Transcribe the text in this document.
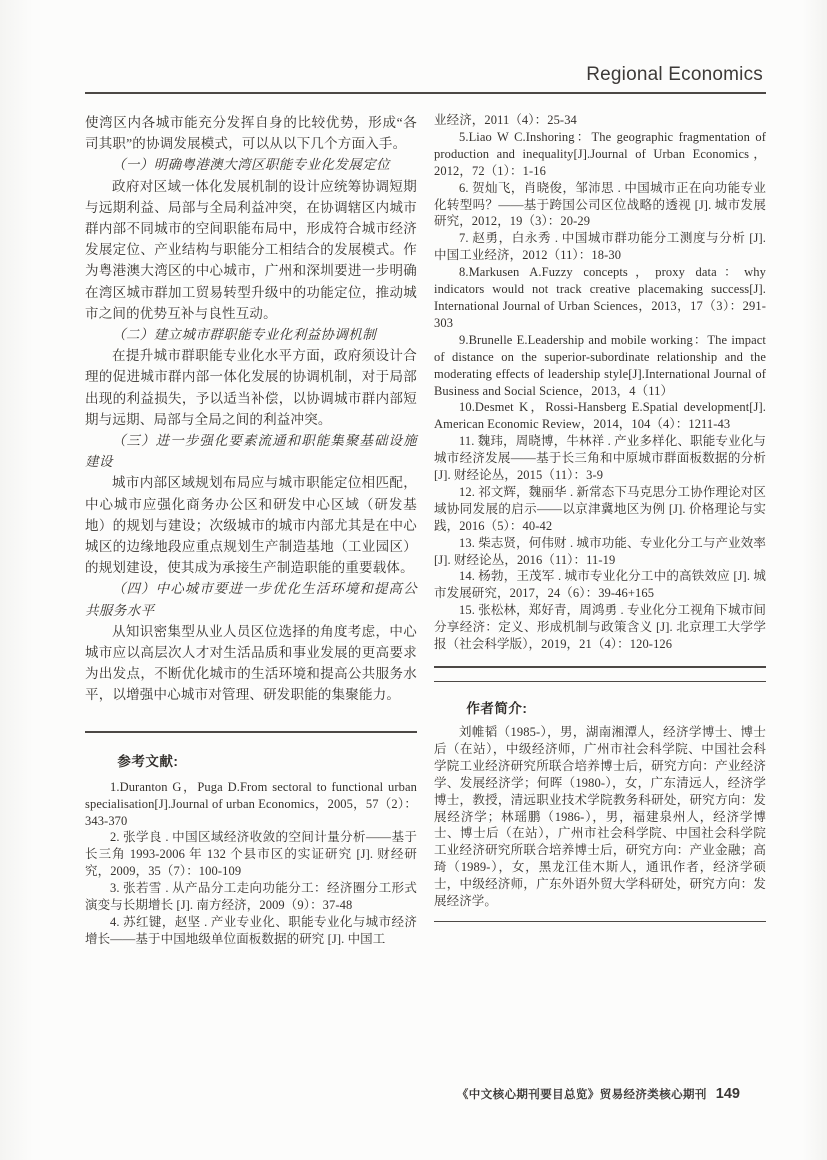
Regional Economics

使湾区内各城市能充分发挥自身的比较优势，形成“各司其职”的协调发展模式，可以从以下几个方面入手。

（一）明确粤港澳大湾区职能专业化发展定位

政府对区域一体化发展机制的设计应统筹协调短期与远期利益、局部与全局利益冲突，在协调辖区内城市群内部不同城市的空间职能布局中，形成符合城市经济发展定位、产业结构与职能分工相结合的发展模式。作为粤港澳大湾区的中心城市，广州和深圳要进一步明确在湾区城市群加工贸易转型升级中的功能定位，推动城市之间的优势互补与良性互动。

（二）建立城市群职能专业化利益协调机制

在提升城市群职能专业化水平方面，政府须设计合理的促进城市群内部一体化发展的协调机制，对于局部出现的利益损失，予以适当补偿，以协调城市群内部短期与远期、局部与全局之间的利益冲突。

（三）进一步强化要素流通和职能集聚基础设施建设

城市内部区域规划布局应与城市职能定位相匹配，中心城市应强化商务办公区和研发中心区域（研发基地）的规划与建设；次级城市的城市内部尤其是在中心城区的边缘地段应重点规划生产制造基地（工业园区）的规划建设，使其成为承接生产制造职能的重要载体。

（四）中心城市要进一步优化生活环境和提高公共服务水平

从知识密集型从业人员区位选择的角度考虑，中心城市应以高层次人才对生活品质和事业发展的更高要求为出发点，不断优化城市的生活环境和提高公共服务水平，以增强中心城市对管理、研发职能的集聚能力。

参考文献:

1.Duranton G，Puga D.From sectoral to functional urban specialisation[J].Journal of urban Economics，2005，57（2）：343-370

2. 张学良 . 中国区域经济收敛的空间计量分析——基于长三角 1993-2006 年 132 个县市区的实证研究 [J]. 财经研究，2009，35（7）：100-109

3. 张若雪 . 从产品分工走向功能分工：经济圈分工形式演变与长期增长 [J]. 南方经济，2009（9）：37-48

4. 苏红键，赵坚 . 产业专业化、职能专业化与城市经济增长——基于中国地级单位面板数据的研究 [J]. 中国工

业经济，2011（4）：25-34

5.Liao W C.Inshoring：The geographic fragmentation of production and inequality[J].Journal of Urban Economics，2012，72（1）：1-16

6. 贺灿飞，肖晓俊，邹沛思 . 中国城市正在向功能专业化转型吗？——基于跨国公司区位战略的透视 [J]. 城市发展研究，2012，19（3）：20-29

7. 赵勇，白永秀 . 中国城市群功能分工测度与分析 [J]. 中国工业经济，2012（11）：18-30

8.Markusen A.Fuzzy concepts，proxy data：why indicators would not track creative placemaking success[J]. International Journal of Urban Sciences，2013，17（3）：291-303

9.Brunelle E.Leadership and mobile working：The impact of distance on the superior-subordinate relationship and the moderating effects of leadership style[J].International Journal of Business and Social Science，2013，4（11）

10.Desmet K，Rossi-Hansberg E.Spatial development[J]. American Economic Review，2014，104（4）：1211-43

11. 魏玮，周晓博，牛林祥 . 产业多样化、职能专业化与城市经济发展——基于长三角和中原城市群面板数据的分析 [J]. 财经论丛，2015（11）：3-9

12. 祁文辉，魏丽华 . 新常态下马克思分工协作理论对区域协同发展的启示——以京津冀地区为例 [J]. 价格理论与实践，2016（5）：40-42

13. 柴志贤，何伟财 . 城市功能、专业化分工与产业效率 [J]. 财经论丛，2016（11）：11-19

14. 杨勃，王茂军 . 城市专业化分工中的高铁效应 [J]. 城市发展研究，2017，24（6）：39-46+165

15. 张松林，郑好青，周鸿勇 . 专业化分工视角下城市间分享经济：定义、形成机制与政策含义 [J]. 北京理工大学学报（社会科学版），2019，21（4）：120-126

作者简介:

刘帷韬（1985-），男，湖南湘潭人，经济学博士、博士后（在站），中级经济师，广州市社会科学院、中国社会科学院工业经济研究所联合培养博士后，研究方向：产业经济学、发展经济学；何晖（1980-），女，广东清远人，经济学博士，教授，清远职业技术学院教务科研处，研究方向：发展经济学；林瑶鹏（1986-），男，福建泉州人，经济学博士、博士后（在站），广州市社会科学院、中国社会科学院工业经济研究所联合培养博士后，研究方向：产业金融；高琦（1989-），女，黑龙江佳木斯人，通讯作者，经济学硕士，中级经济师，广东外语外贸大学科研处，研究方向：发展经济学。

《中文核心期刊要目总览》贸易经济类核心期刊 149
